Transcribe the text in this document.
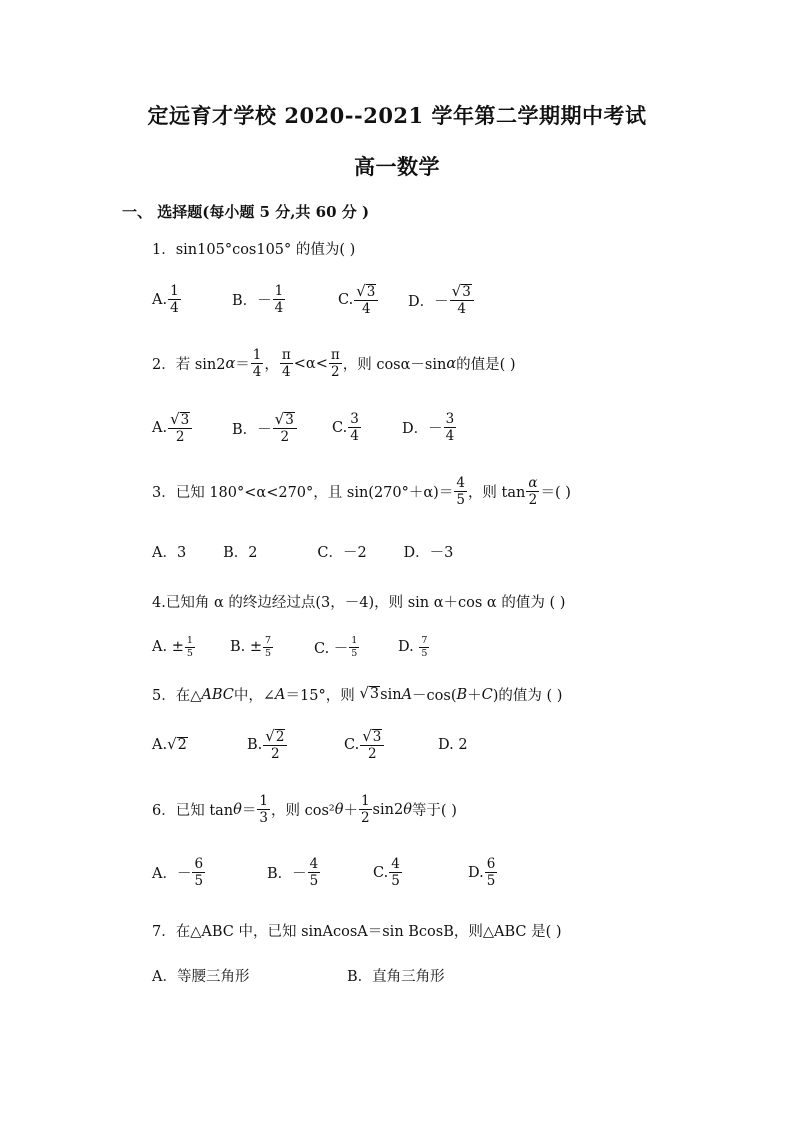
定远育才学校 2020--2021 学年第二学期期中考试
高一数学
一、 选择题(每小题 5 分,共 60 分 )
1．sin105°cos105° 的值为( )
A. $\frac{1}{4}$	B．－ $\frac{1}{4}$	C. $\frac{√ 3}{4}$ D．－ $\frac{√ 3}{4}$
2．若 sin2 $\alpha = \frac{1}{4}$ ， $\frac{\pi}{4} <\alpha< \frac{\pi}{2}$ ，则 cosα－sin α 的值是( )
A. $\frac{√ 3}{2}$	B．－ $\frac{√ 3}{2} C$. $\frac{3}{4}$	D．－ $\frac{3}{4}$
3．已知 180°<α<270°，且 $\sin(270^\circ+\alpha)= \frac{4}{5}$ ，则 $\tan \frac{\alpha}{2}$ ＝( )
A．3        B．2             C．－2        D．－3
4.已知角 α 的终边经过点(3，－4)，则 sin α＋cos α 的值为 ( )
A. ± $\frac{1}{5} B$. ± $\frac{7}{5}$	C. － $\frac{1}{5}$	D.
$\frac{7}{5}$
5．在△ ABC 中，∠ A ＝15°，则
√ 3 sin A －cos( B ＋ C )的值为 ( )
A. √ 2	B. $\frac{√ 2}{2}$	C. $\frac{√ 3}{2}$	D. 2
6．已知 $\tan \theta = \frac{1}{3}$ ，则 cos² $\theta + \frac{1}{2} \sin 2$ θ 等于( )
A．－ $\frac{6}{5}$	B．－ $\frac{4}{5}$	C. $\frac{4}{5}$	D. $\frac{6}{5}$
7．在△ABC 中，已知 sinAcosA＝sin BcosB，则△ABC 是( )
A．等腰三角形	B．直角三角形
